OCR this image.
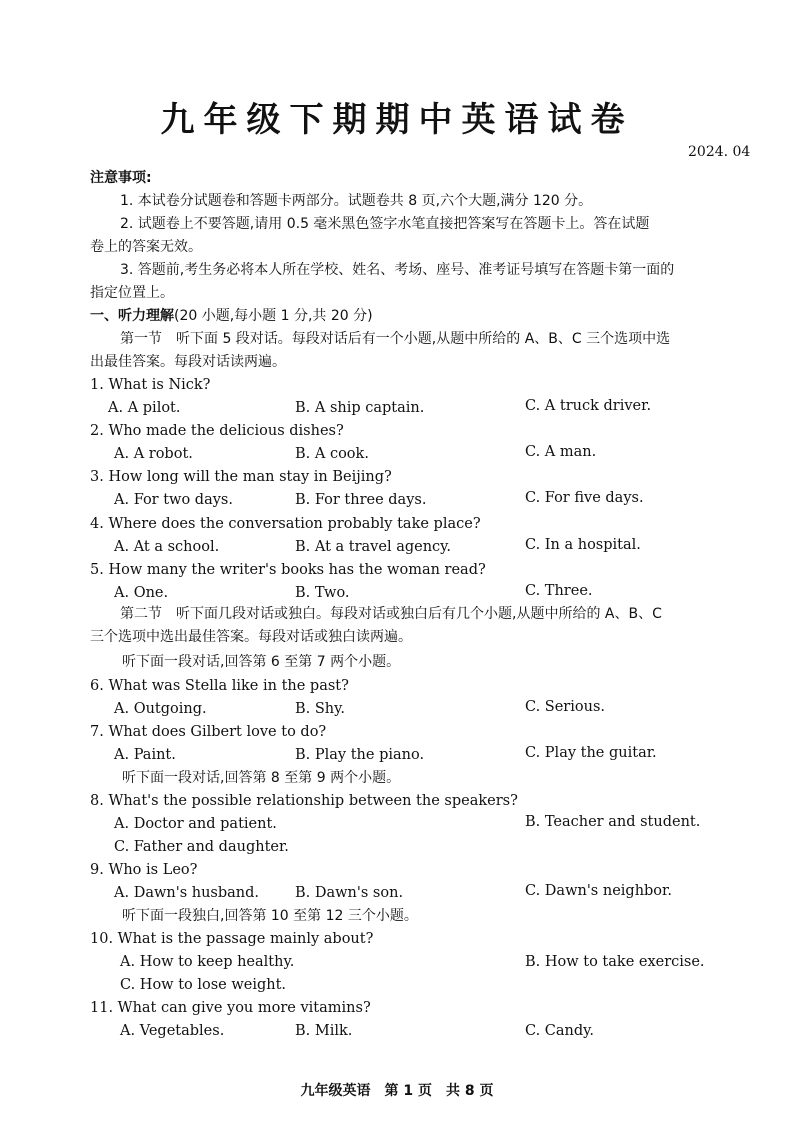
九年级下期期中英语试卷
2024. 04
注意事项:
1. 本试卷分试题卷和答题卡两部分。试题卷共 8 页,六个大题,满分 120 分。
2. 试题卷上不要答题,请用 0.5 毫米黑色签字水笔直接把答案写在答题卡上。答在试题
卷上的答案无效。
3. 答题前,考生务必将本人所在学校、姓名、考场、座号、准考证号填写在答题卡第一面的
指定位置上。
一、听力理解(20 小题,每小题 1 分,共 20 分)
第一节　听下面 5 段对话。每段对话后有一个小题,从题中所给的 A、B、C 三个选项中选
出最佳答案。每段对话读两遍。
1. What is Nick?
A. A pilot.	B. A ship captain.	C. A truck driver.
2. Who made the delicious dishes?
A. A robot.	B. A cook.	C. A man.
3. How long will the man stay in Beijing?
A. For two days.	B. For three days.	C. For five days.
4. Where does the conversation probably take place?
A. At a school.	B. At a travel agency.	C. In a hospital.
5. How many the writer's books has the woman read?
A. One.	B. Two.	C. Three.
第二节　听下面几段对话或独白。每段对话或独白后有几个小题,从题中所给的 A、B、C
三个选项中选出最佳答案。每段对话或独白读两遍。
听下面一段对话,回答第 6 至第 7 两个小题。
6. What was Stella like in the past?
A. Outgoing.	B. Shy.	C. Serious.
7. What does Gilbert love to do?
A. Paint.	B. Play the piano.	C. Play the guitar.
听下面一段对话,回答第 8 至第 9 两个小题。
8. What's the possible relationship between the speakers?
A. Doctor and patient.	B. Teacher and student.
C. Father and daughter.
9. Who is Leo?
A. Dawn's husband. B. Dawn's son.	C. Dawn's neighbor.
听下面一段独白,回答第 10 至第 12 三个小题。
10. What is the passage mainly about?
A. How to keep healthy.	B. How to take exercise.
C. How to lose weight.
11. What can give you more vitamins?
A. Vegetables.	B. Milk.	C. Candy.
九年级英语　第 1 页　共 8 页
